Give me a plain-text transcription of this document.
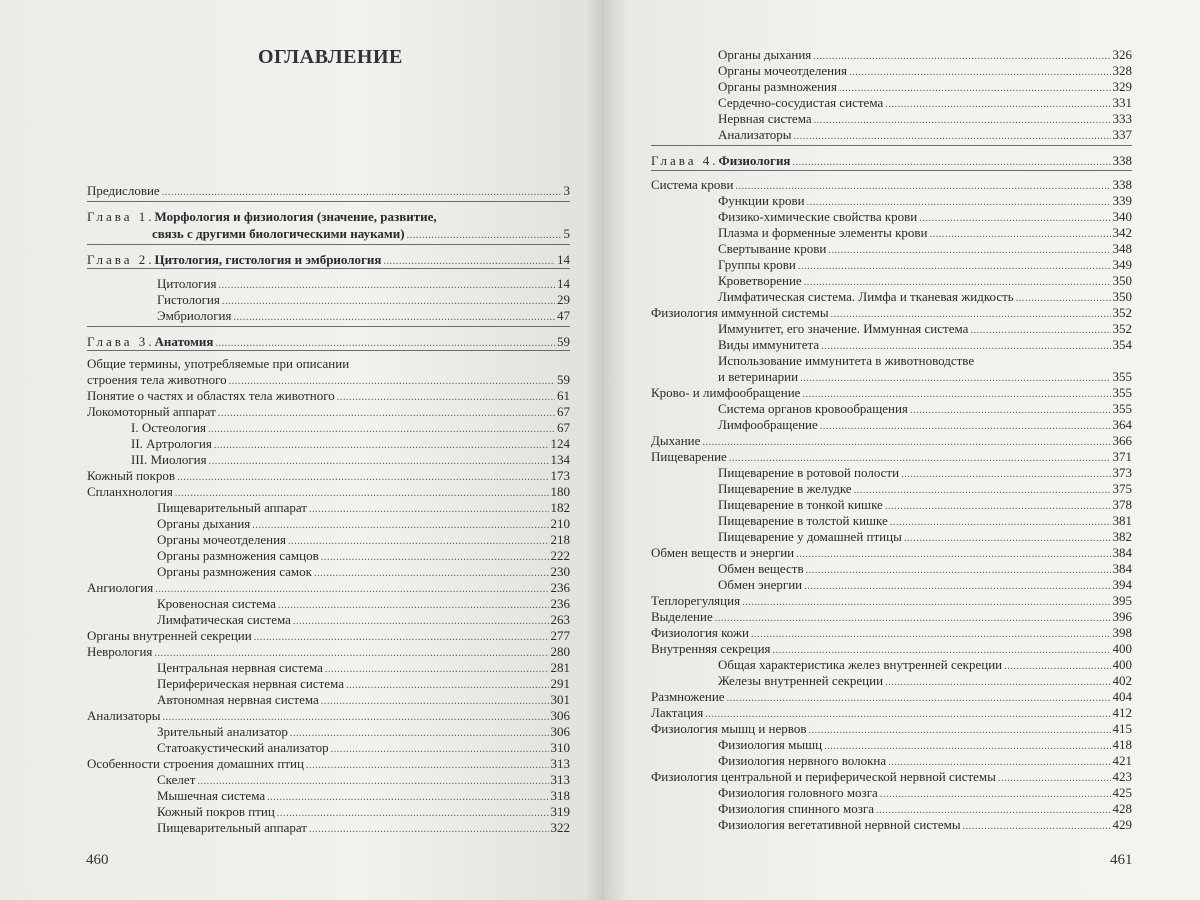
ОГЛАВЛЕНИЕ
460	461
Предисловие .....	3
Глава 1. Морфология и физиология (значение, развитие,
связь с другими биологическими науками) .....	5
Глава 2. Цитология, гистология и эмбриология .....	14
Цитология .....	14
Гистология .....	29
Эмбриология .....	47
Глава 3. Анатомия .....	59
Общие термины, употребляемые при описании
строения тела животного .....	59
Понятие о частях и областях тела животного .....	61
Локомоторный аппарат .....	67
I. Остеология .....	67
II. Артрология .....	124
III. Миология .....	134
Кожный покров .....	173
Спланхнология .....	180
Пищеварительный аппарат .....	182
Органы дыхания .....	210
Органы мочеотделения .....	218
Органы размножения самцов .....	222
Органы размножения самок .....	230
Ангиология .....	236
Кровеносная система .....	236
Лимфатическая система .....	263
Органы внутренней секреции .....	277
Неврология .....	280
Центральная нервная система .....	281
Периферическая нервная система .....	291
Автономная нервная система .....	301
Анализаторы .....	306
Зрительный анализатор .....	306
Статоакустический анализатор .....	310
Особенности строения домашних птиц .....	313
Скелет .....	313
Мышечная система .....	318
Кожный покров птиц .....	319
Пищеварительный аппарат .....	322
Органы дыхания .....	326
Органы мочеотделения .....	328
Органы размножения .....	329
Сердечно-сосудистая система .....	331
Нервная система .....	333
Анализаторы .....	337
Глава 4. Физиология .....	338
Система крови .....	338
Функции крови .....	339
Физико-химические свойства крови .....	340
Плазма и форменные элементы крови .....	342
Свертывание крови .....	348
Группы крови .....	349
Кроветворение .....	350
Лимфатическая система. Лимфа и тканевая жидкость .....	350
Физиология иммунной системы .....	352
Иммунитет, его значение. Иммунная система .....	352
Виды иммунитета .....	354
Использование иммунитета в животноводстве
и ветеринарии .....	355
Крово- и лимфообращение .....	355
Система органов кровообращения .....	355
Лимфообращение .....	364
Дыхание .....	366
Пищеварение .....	371
Пищеварение в ротовой полости .....	373
Пищеварение в желудке .....	375
Пищеварение в тонкой кишке .....	378
Пищеварение в толстой кишке .....	381
Пищеварение у домашней птицы .....	382
Обмен веществ и энергии .....	384
Обмен веществ .....	384
Обмен энергии .....	394
Теплорегуляция .....	395
Выделение .....	396
Физиология кожи .....	398
Внутренняя секреция .....	400
Общая характеристика желез внутренней секреции .....	400
Железы внутренней секреции .....	402
Размножение .....	404
Лактация .....	412
Физиология мышц и нервов .....	415
Физиология мышц .....	418
Физиология нервного волокна .....	421
Физиология центральной и периферической нервной системы .....	423
Физиология головного мозга .....	425
Физиология спинного мозга .....	428
Физиология вегетативной нервной системы .....	429
